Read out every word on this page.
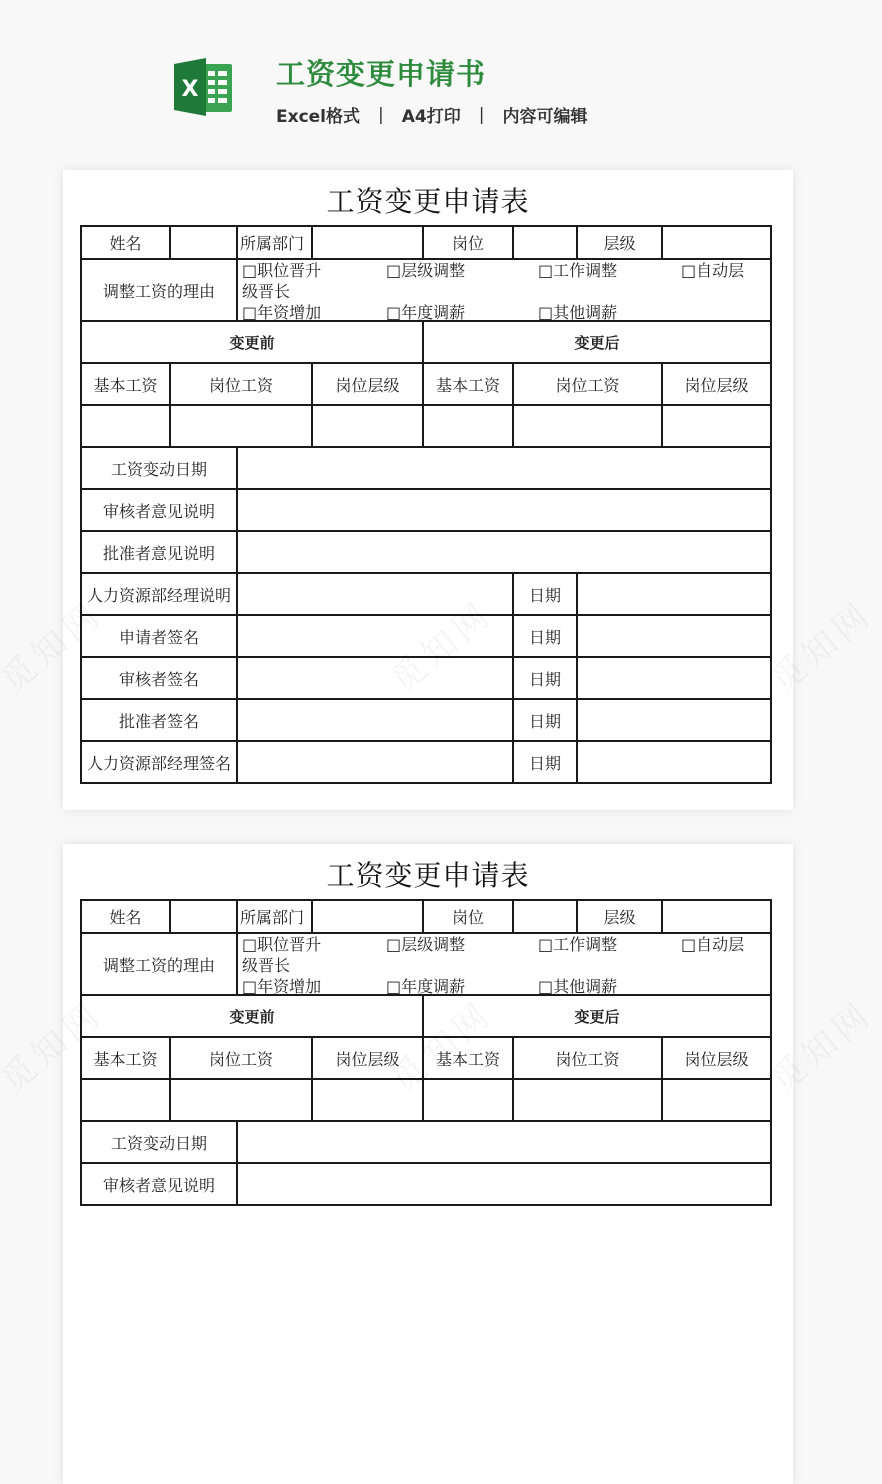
X	工资变更申请书
Excel格式 | A4打印 | 内容可编辑
工资变更申请表
姓名		所属部门		岗位		层级	
调整工资的理由	
□职位晋升	□层级调整	□工作调整	□自动层
级晋长
□年资增加	□年度调薪	□其他调薪

变更前				变更后			
基本工资	岗位工资		岗位层级	基本工资	岗位工资		岗位层级

工资变动日期							
审核者意见说明							
批准者意见说明							
人力资源部经理说明					日期		
申请者签名					日期		
审核者签名					日期		
批准者签名					日期		
人力资源部经理签名					日期		
工资变更申请表
姓名		所属部门		岗位		层级	
调整工资的理由	
□职位晋升	□层级调整	□工作调整	□自动层
级晋长
□年资增加	□年度调薪	□其他调薪

变更前				变更后			
基本工资	岗位工资		岗位层级	基本工资	岗位工资		岗位层级

工资变动日期							
审核者意见说明							
